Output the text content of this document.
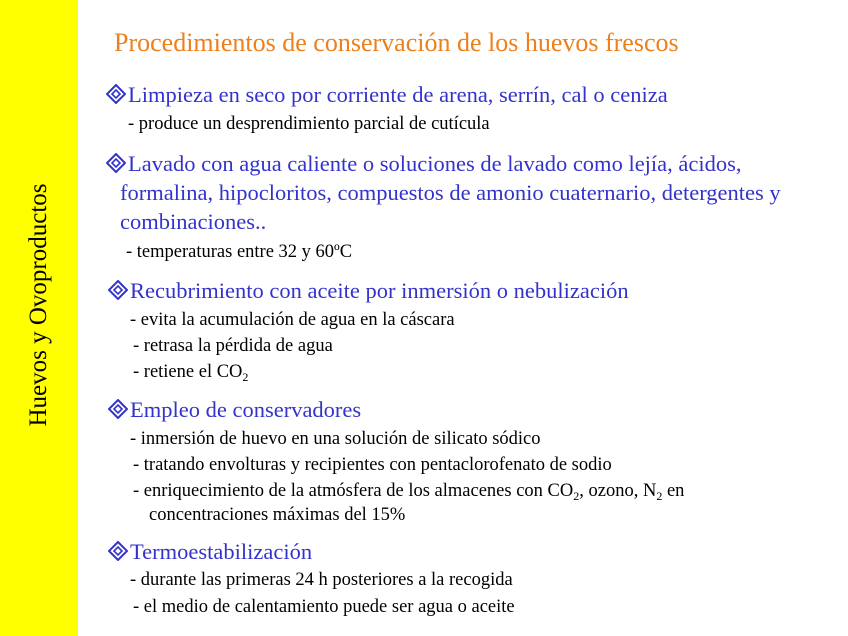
Huevos y Ovoproductos
Procedimientos de conservación de los huevos frescos
Limpieza en seco por corriente de arena, serrín, cal o ceniza
- produce un desprendimiento parcial de cutícula
Lavado con agua caliente o soluciones de lavado como lejía, ácidos,
formalina, hipocloritos, compuestos de amonio cuaternario, detergentes y
combinaciones..
- temperaturas entre 32 y 60ºC
Recubrimiento con aceite por inmersión o nebulización
- evita la acumulación de agua en la cáscara
- retrasa la pérdida de agua
- retiene el $CO_2$
Empleo de conservadores
- inmersión de huevo en una solución de silicato sódico
- tratando envolturas y recipientes con pentaclorofenato de sodio
- enriquecimiento de la atmósfera de los almacenes con $CO_2$, ozono, $N_2$ en
concentraciones máximas del 15%
Termoestabilización
- durante las primeras 24 h posteriores a la recogida
- el medio de calentamiento puede ser agua o aceite
